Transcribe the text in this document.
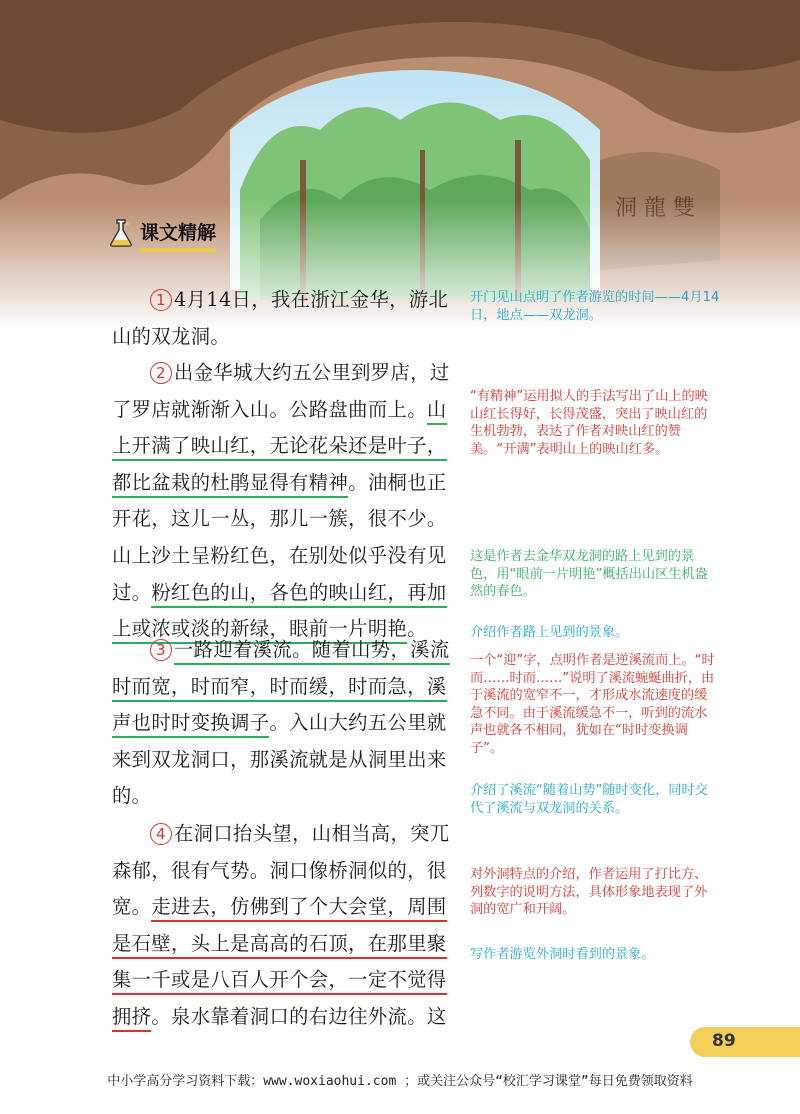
课文精解
1 4月14日，我在浙江金华，游北山的双龙洞。
2 出金华城大约五公里到罗店，过了罗店就渐渐入山。公路盘曲而上。山上开满了映山红，无论花朵还是叶子，都比盆栽的杜鹃显得有精神。油桐也正开花，这儿一丛，那儿一簇，很不少。山上沙土呈粉红色，在别处似乎没有见过。粉红色的山，各色的映山红，再加上或浓或淡的新绿，眼前一片明艳。
3 一路迎着溪流。随着山势，溪流时而宽，时而窄，时而缓，时而急，溪声也时时变换调子。入山大约五公里就来到双龙洞口，那溪流就是从洞里出来的。
4 在洞口抬头望，山相当高，突兀森郁，很有气势。洞口像桥洞似的，很宽。走进去，仿佛到了个大会堂，周围是石壁，头上是高高的石顶，在那里聚集一千或是八百人开个会，一定不觉得拥挤。泉水靠着洞口的右边往外流。这
开门见山点明了作者游览的时间——4月14日，地点——双龙洞。
“有精神”运用拟人的手法写出了山上的映山红长得好，长得茂盛，突出了映山红的生机勃勃，表达了作者对映山红的赞美。“开满”表明山上的映山红多。
这是作者去金华双龙洞的路上见到的景色，用“眼前一片明艳”概括出山区生机盎然的春色。
介绍作者路上见到的景象。
一个“迎”字，点明作者是逆溪流而上。“时而……时而……”说明了溪流蜿蜒曲折，由于溪流的宽窄不一，才形成水流速度的缓急不同。由于溪流缓急不一，听到的流水声也就各不相同，犹如在“时时变换调子”。
介绍了溪流“随着山势”随时变化，同时交代了溪流与双龙洞的关系。
对外洞特点的介绍，作者运用了打比方、列数字的说明方法，具体形象地表现了外洞的宽广和开阔。
写作者游览外洞时看到的景象。
89
中小学高分学习资料下载：www.woxiaohui.com ；或关注公众号“校汇学习课堂”每日免费领取资料
